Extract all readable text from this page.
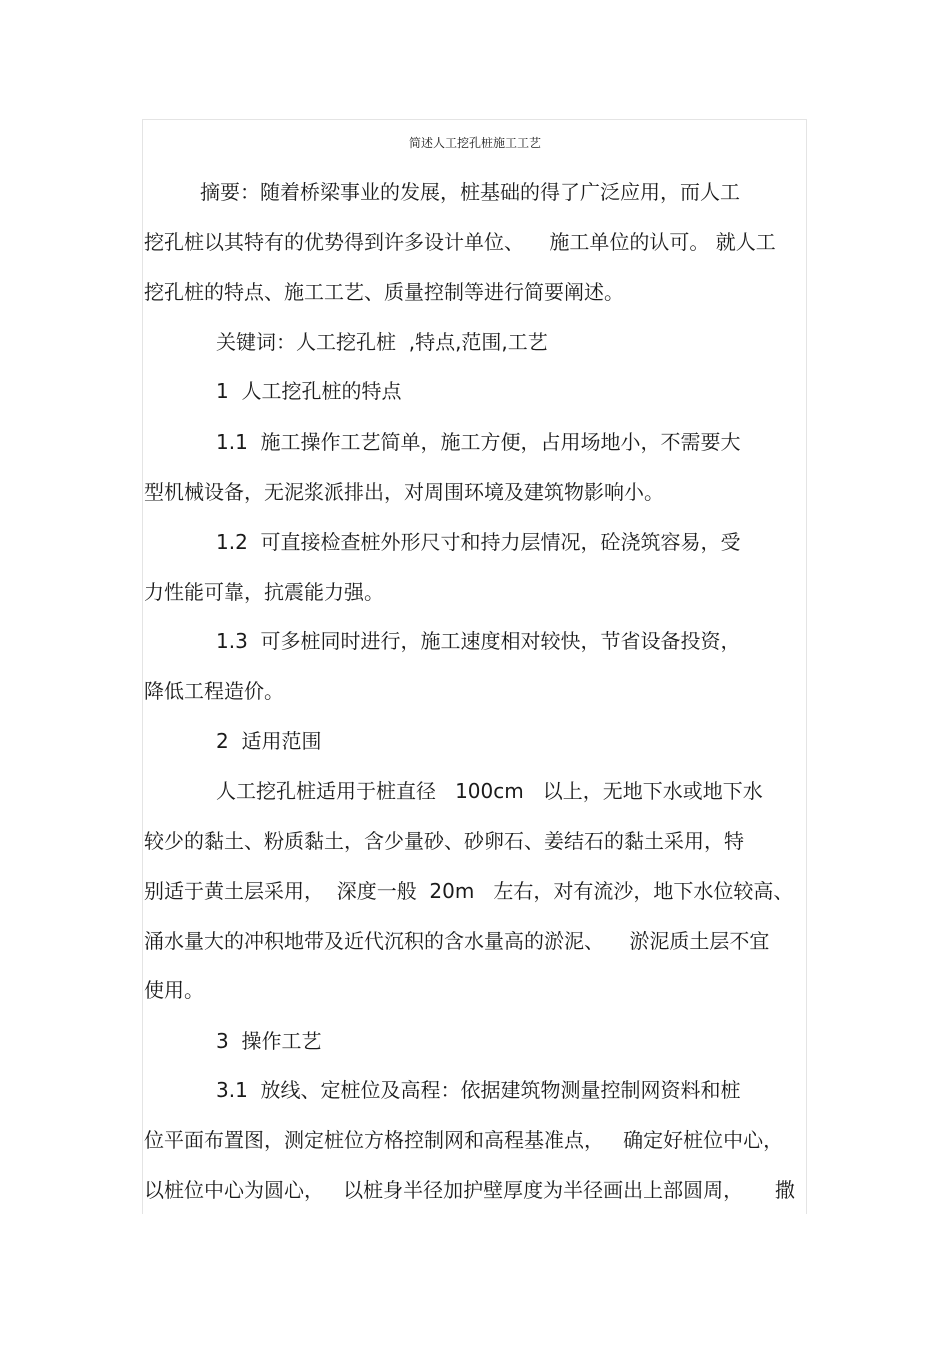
简述人工挖孔桩施工工艺
摘要：随着桥梁事业的发展，桩基础的得了广泛应用，而人工
挖孔桩以其特有的优势得到许多设计单位、    施工单位的认可。 就人工
挖孔桩的特点、施工工艺、质量控制等进行简要阐述。
关键词：人工挖孔桩  ,特点,范围,工艺
1  人工挖孔桩的特点
1.1  施工操作工艺简单，施工方便，占用场地小，不需要大
型机械设备，无泥浆派排出，对周围环境及建筑物影响小。
1.2  可直接检查桩外形尺寸和持力层情况，砼浇筑容易，受
力性能可靠，抗震能力强。
1.3  可多桩同时进行，施工速度相对较快，节省设备投资，
降低工程造价。
2  适用范围
人工挖孔桩适用于桩直径   100cm   以上，无地下水或地下水
较少的黏土、粉质黏土，含少量砂、砂卵石、姜结石的黏土采用，特
别适于黄土层采用，  深度一般  20m   左右，对有流沙，地下水位较高、
涌水量大的冲积地带及近代沉积的含水量高的淤泥、    淤泥质土层不宜
使用。
3  操作工艺
3.1  放线、定桩位及高程：依据建筑物测量控制网资料和桩
位平面布置图，测定桩位方格控制网和高程基准点，   确定好桩位中心，
以桩位中心为圆心，   以桩身半径加护壁厚度为半径画出上部圆周，     撒
